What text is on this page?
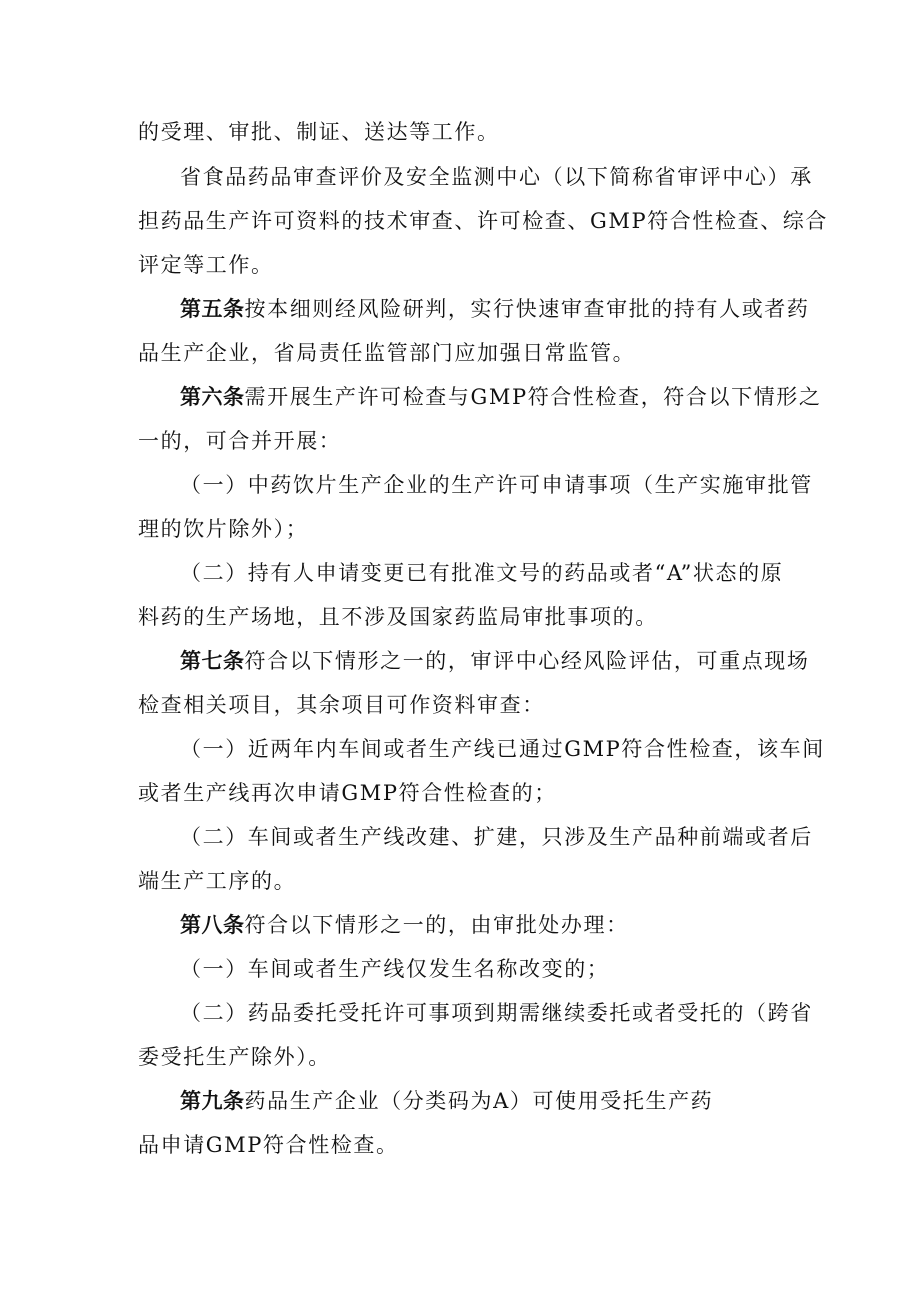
的受理、审批、制证、送达等工作。
省食品药品审查评价及安全监测中心（以下简称省审评中心）承
担药品生产许可资料的技术审查、许可检查、GMP符合性检查、综合
评定等工作。
第五条按本细则经风险研判，实行快速审查审批的持有人或者药
品生产企业，省局责任监管部门应加强日常监管。
第六条需开展生产许可检查与GMP符合性检查，符合以下情形之
一的，可合并开展：
（一）中药饮片生产企业的生产许可申请事项（生产实施审批管
理的饮片除外）；
（二）持有人申请变更已有批准文号的药品或者“A”状态的原
料药的生产场地，且不涉及国家药监局审批事项的。
第七条符合以下情形之一的，审评中心经风险评估，可重点现场
检查相关项目，其余项目可作资料审查：
（一）近两年内车间或者生产线已通过GMP符合性检查，该车间
或者生产线再次申请GMP符合性检查的；
（二）车间或者生产线改建、扩建，只涉及生产品种前端或者后
端生产工序的。
第八条符合以下情形之一的，由审批处办理：
（一）车间或者生产线仅发生名称改变的；
（二）药品委托受托许可事项到期需继续委托或者受托的（跨省
委受托生产除外）。
第九条药品生产企业（分类码为A）可使用受托生产药
品申请GMP符合性检查。
